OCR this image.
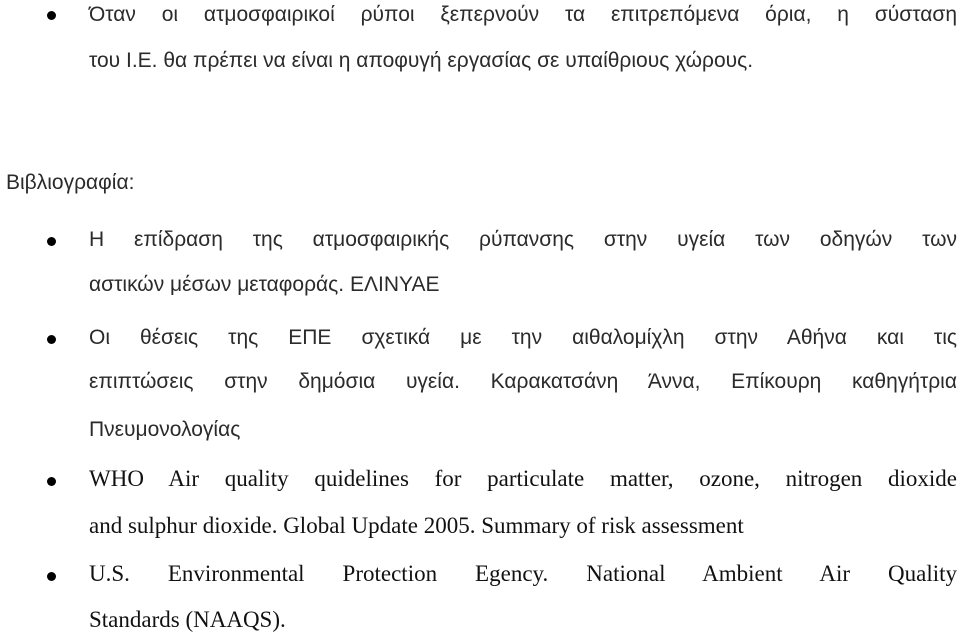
Όταν οι ατμοσφαιρικοί ρύποι ξεπερνούν τα επιτρεπόμενα όρια, η σύσταση
του Ι.Ε. θα πρέπει να είναι η αποφυγή εργασίας σε υπαίθριους χώρους.
Βιβλιογραφία:
Η επίδραση της ατμοσφαιρικής ρύπανσης στην υγεία των οδηγών των
αστικών μέσων μεταφοράς. ΕΛΙΝΥΑΕ
Οι θέσεις της ΕΠΕ σχετικά με την αιθαλομίχλη στην Αθήνα και τις
επιπτώσεις στην δημόσια υγεία. Καρακατσάνη Άννα, Επίκουρη καθηγήτρια
Πνευμονολογίας
WHO Air quality quidelines for particulate matter, ozone, nitrogen dioxide
and sulphur dioxide. Global Update 2005. Summary of risk assessment
U.S. Environmental Protection Egency. National Ambient Air Quality
Standards (NAAQS).
